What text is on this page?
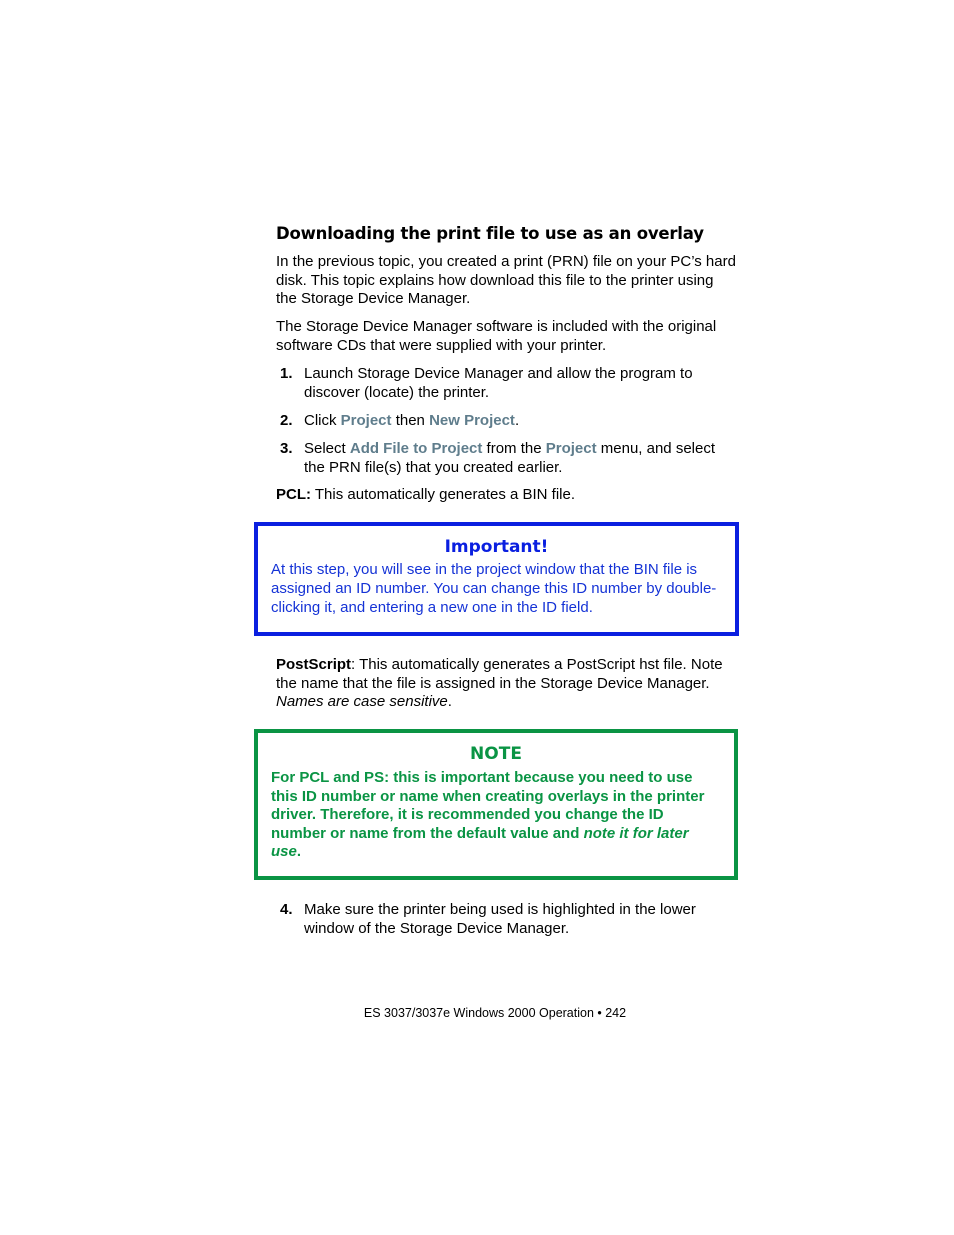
Downloading the print file to use as an overlay
In the previous topic, you created a print (PRN) file on your PC’s hard disk. This topic explains how download this file to the printer using the Storage Device Manager.
The Storage Device Manager software is included with the original software CDs that were supplied with your printer.
1. Launch Storage Device Manager and allow the program to discover (locate) the printer.
2. Click Project then New Project.
3. Select Add File to Project from the Project menu, and select the PRN file(s) that you created earlier.
PCL: This automatically generates a BIN file.
Important!
At this step, you will see in the project window that the BIN file is assigned an ID number. You can change this ID number by double-clicking it, and entering a new one in the ID field.
PostScript: This automatically generates a PostScript hst file. Note the name that the file is assigned in the Storage Device Manager. Names are case sensitive.
NOTE
For PCL and PS: this is important because you need to use this ID number or name when creating overlays in the printer driver. Therefore, it is recommended you change the ID number or name from the default value and note it for later use.
4. Make sure the printer being used is highlighted in the lower window of the Storage Device Manager.
ES 3037/3037e Windows 2000 Operation • 242
